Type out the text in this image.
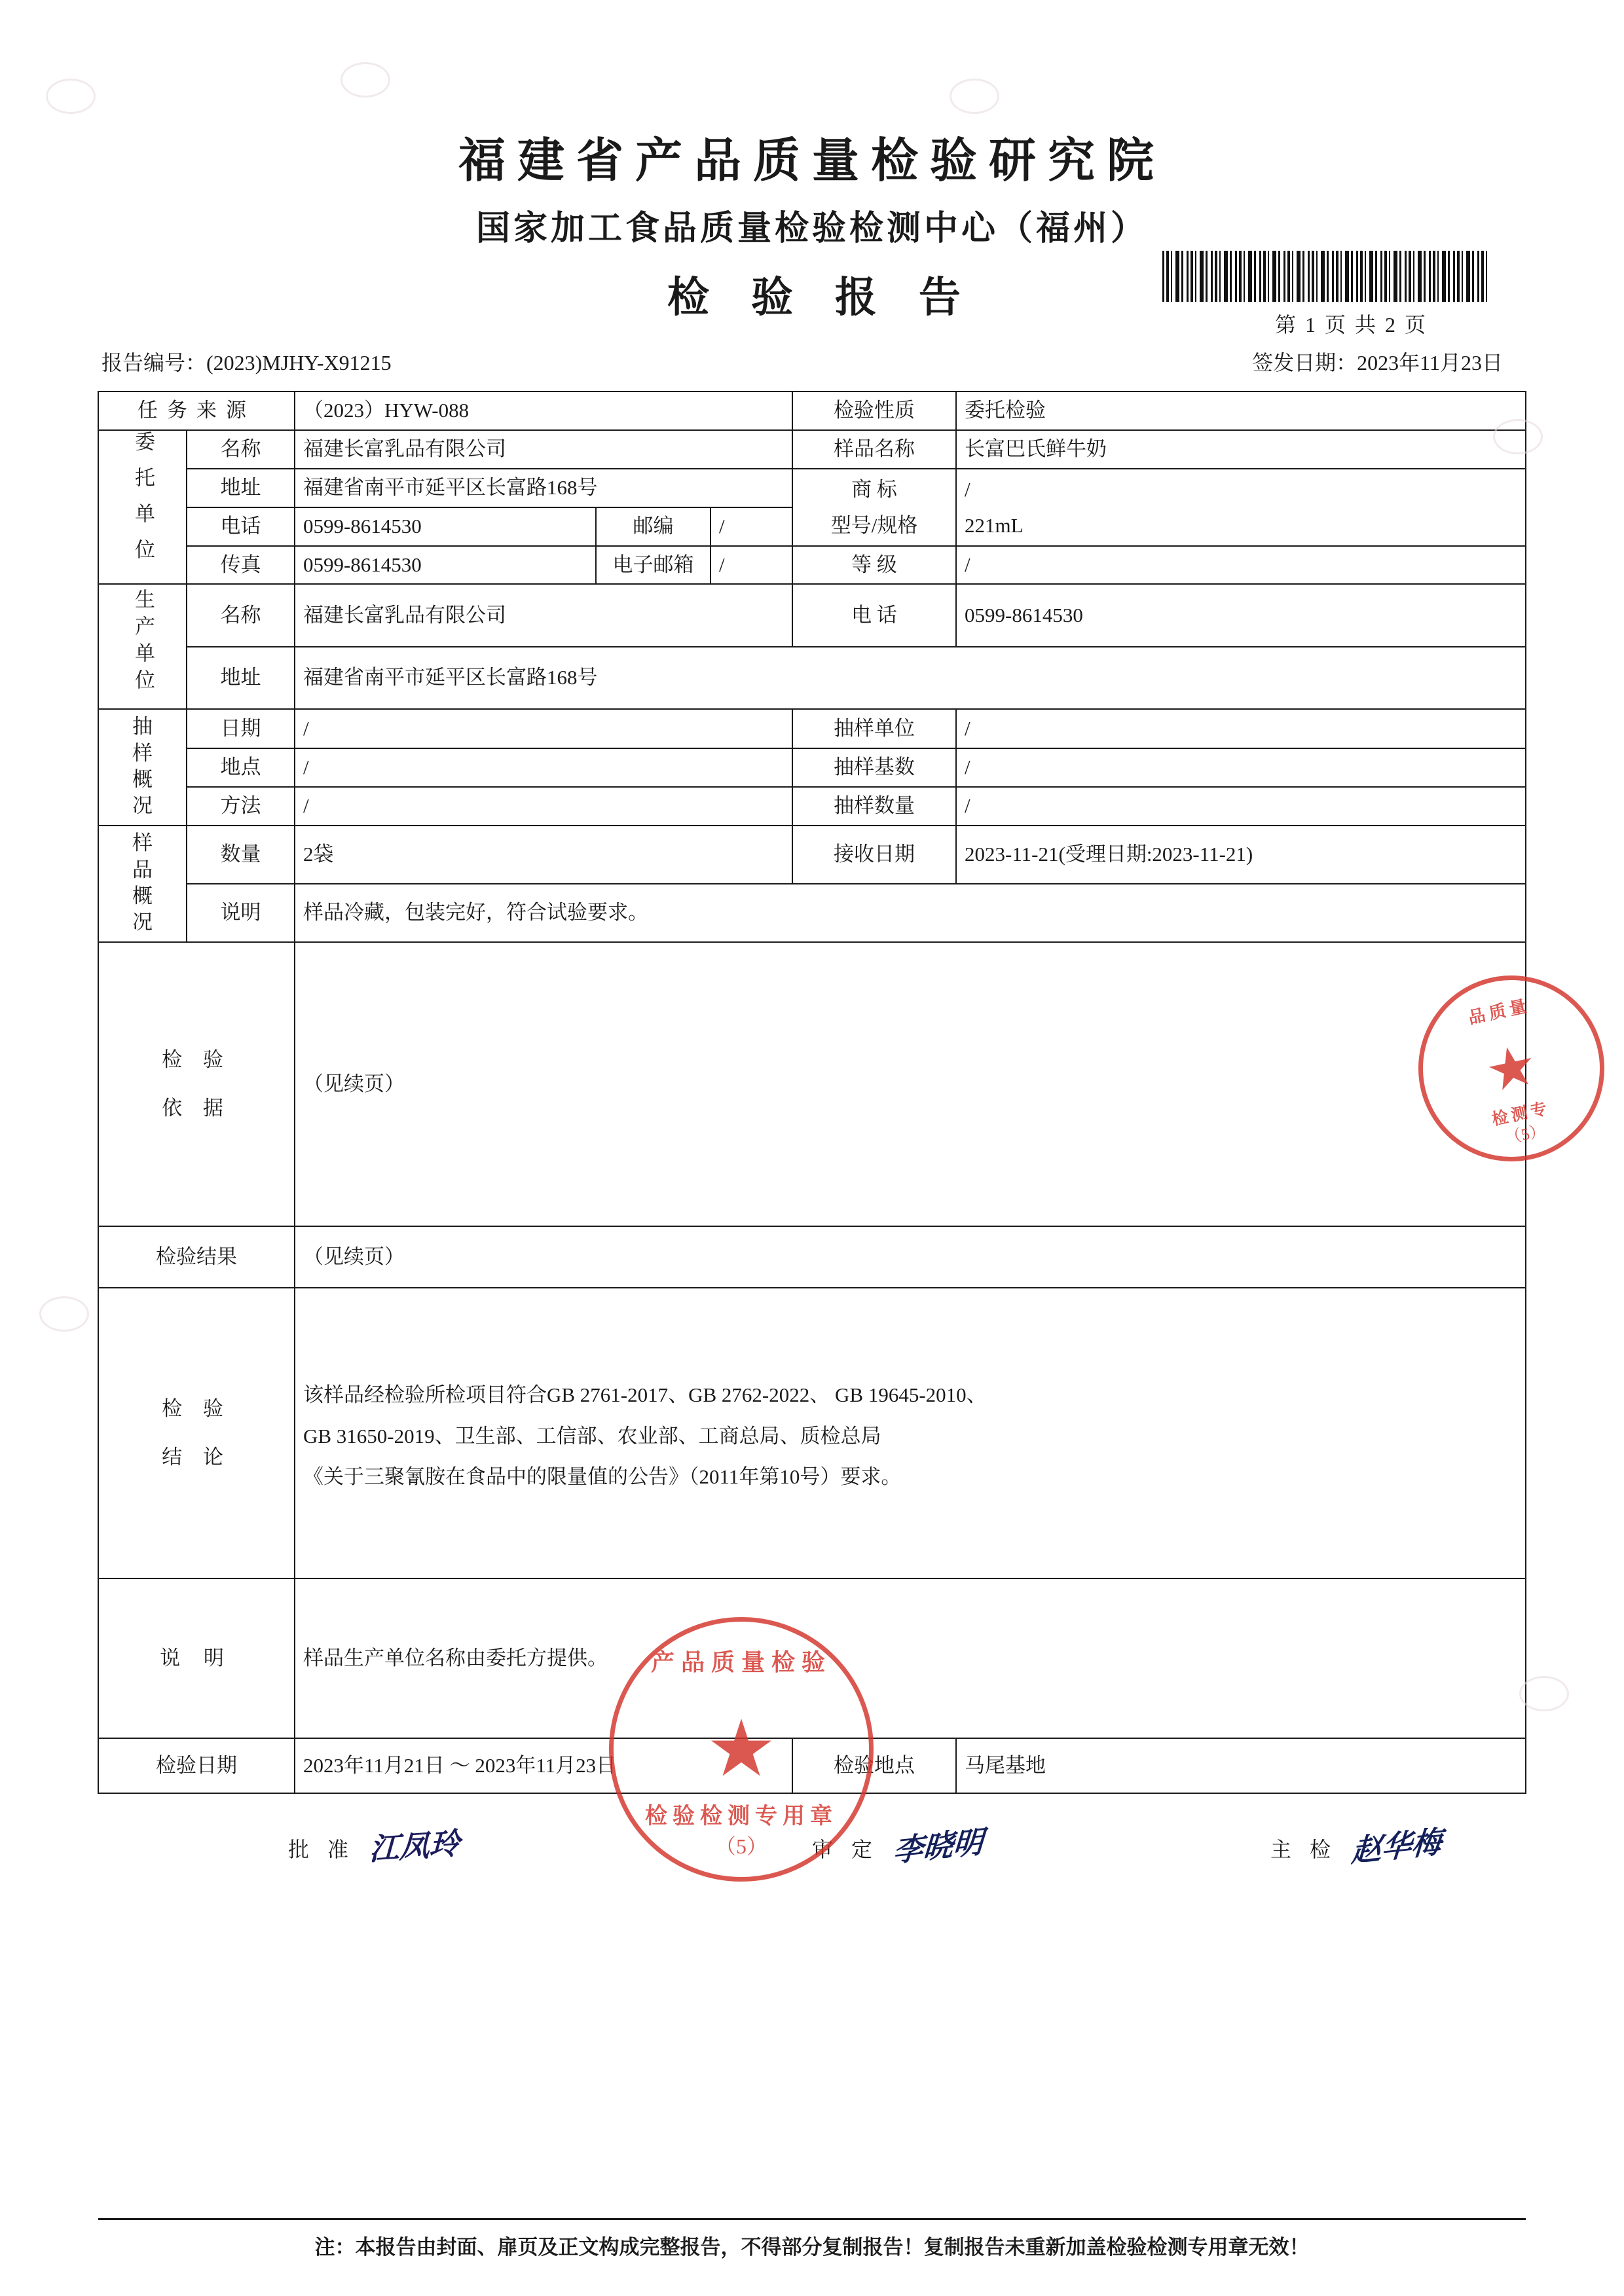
福建省产品质量检验研究院
国家加工食品质量检验检测中心（福州）
检 验 报 告
第 1 页 共 2 页
报告编号：(2023)MJHY-X91215	签发日期：2023年11月23日
任务来源		（2023）HYW-088			检验性质	委托检验
委托单位	名称	福建长富乳品有限公司			样品名称	长富巴氏鲜牛奶
	地址	福建省南平市延平区长富路168号			商 标	/
	电话	0599-8614530	邮编	/	型号/规格	221mL
	传真	0599-8614530	电子邮箱	/	等 级	/
生产单位	名称	福建长富乳品有限公司			电 话	0599-8614530
	地址	福建省南平市延平区长富路168号				
抽样概况	日期	/			抽样单位	/
	地点	/			抽样基数	/
	方法	/			抽样数量	/
样品概况	数量	2袋			接收日期	2023-11-21(受理日期:2023-11-21)
	说明	样品冷藏，包装完好，符合试验要求。				
检 验 依 据		（见续页）				
检验结果		（见续页）				
检 验 结 论		该样品经检验所检项目符合GB 2761-2017、GB 2762-2022、 GB 19645-2010、
GB 31650-2019、卫生部、工信部、农业部、工商总局、质检总局
《关于三聚氰胺在食品中的限量值的公告》（2011年第10号）要求。				

说 明		样品生产单位名称由委托方提供。				
检验日期		2023年11月21日 ～ 2023年11月23日			检验地点	马尾基地
批 准 江凤玲	审 定 李晓明	主 检 赵华梅
注：本报告由封面、扉页及正文构成完整报告，不得部分复制报告！复制报告未重新加盖检验检测专用章无效！
品质量
★
检测专
（5）
产品质量检验
★
检验检测专用章
（5）
